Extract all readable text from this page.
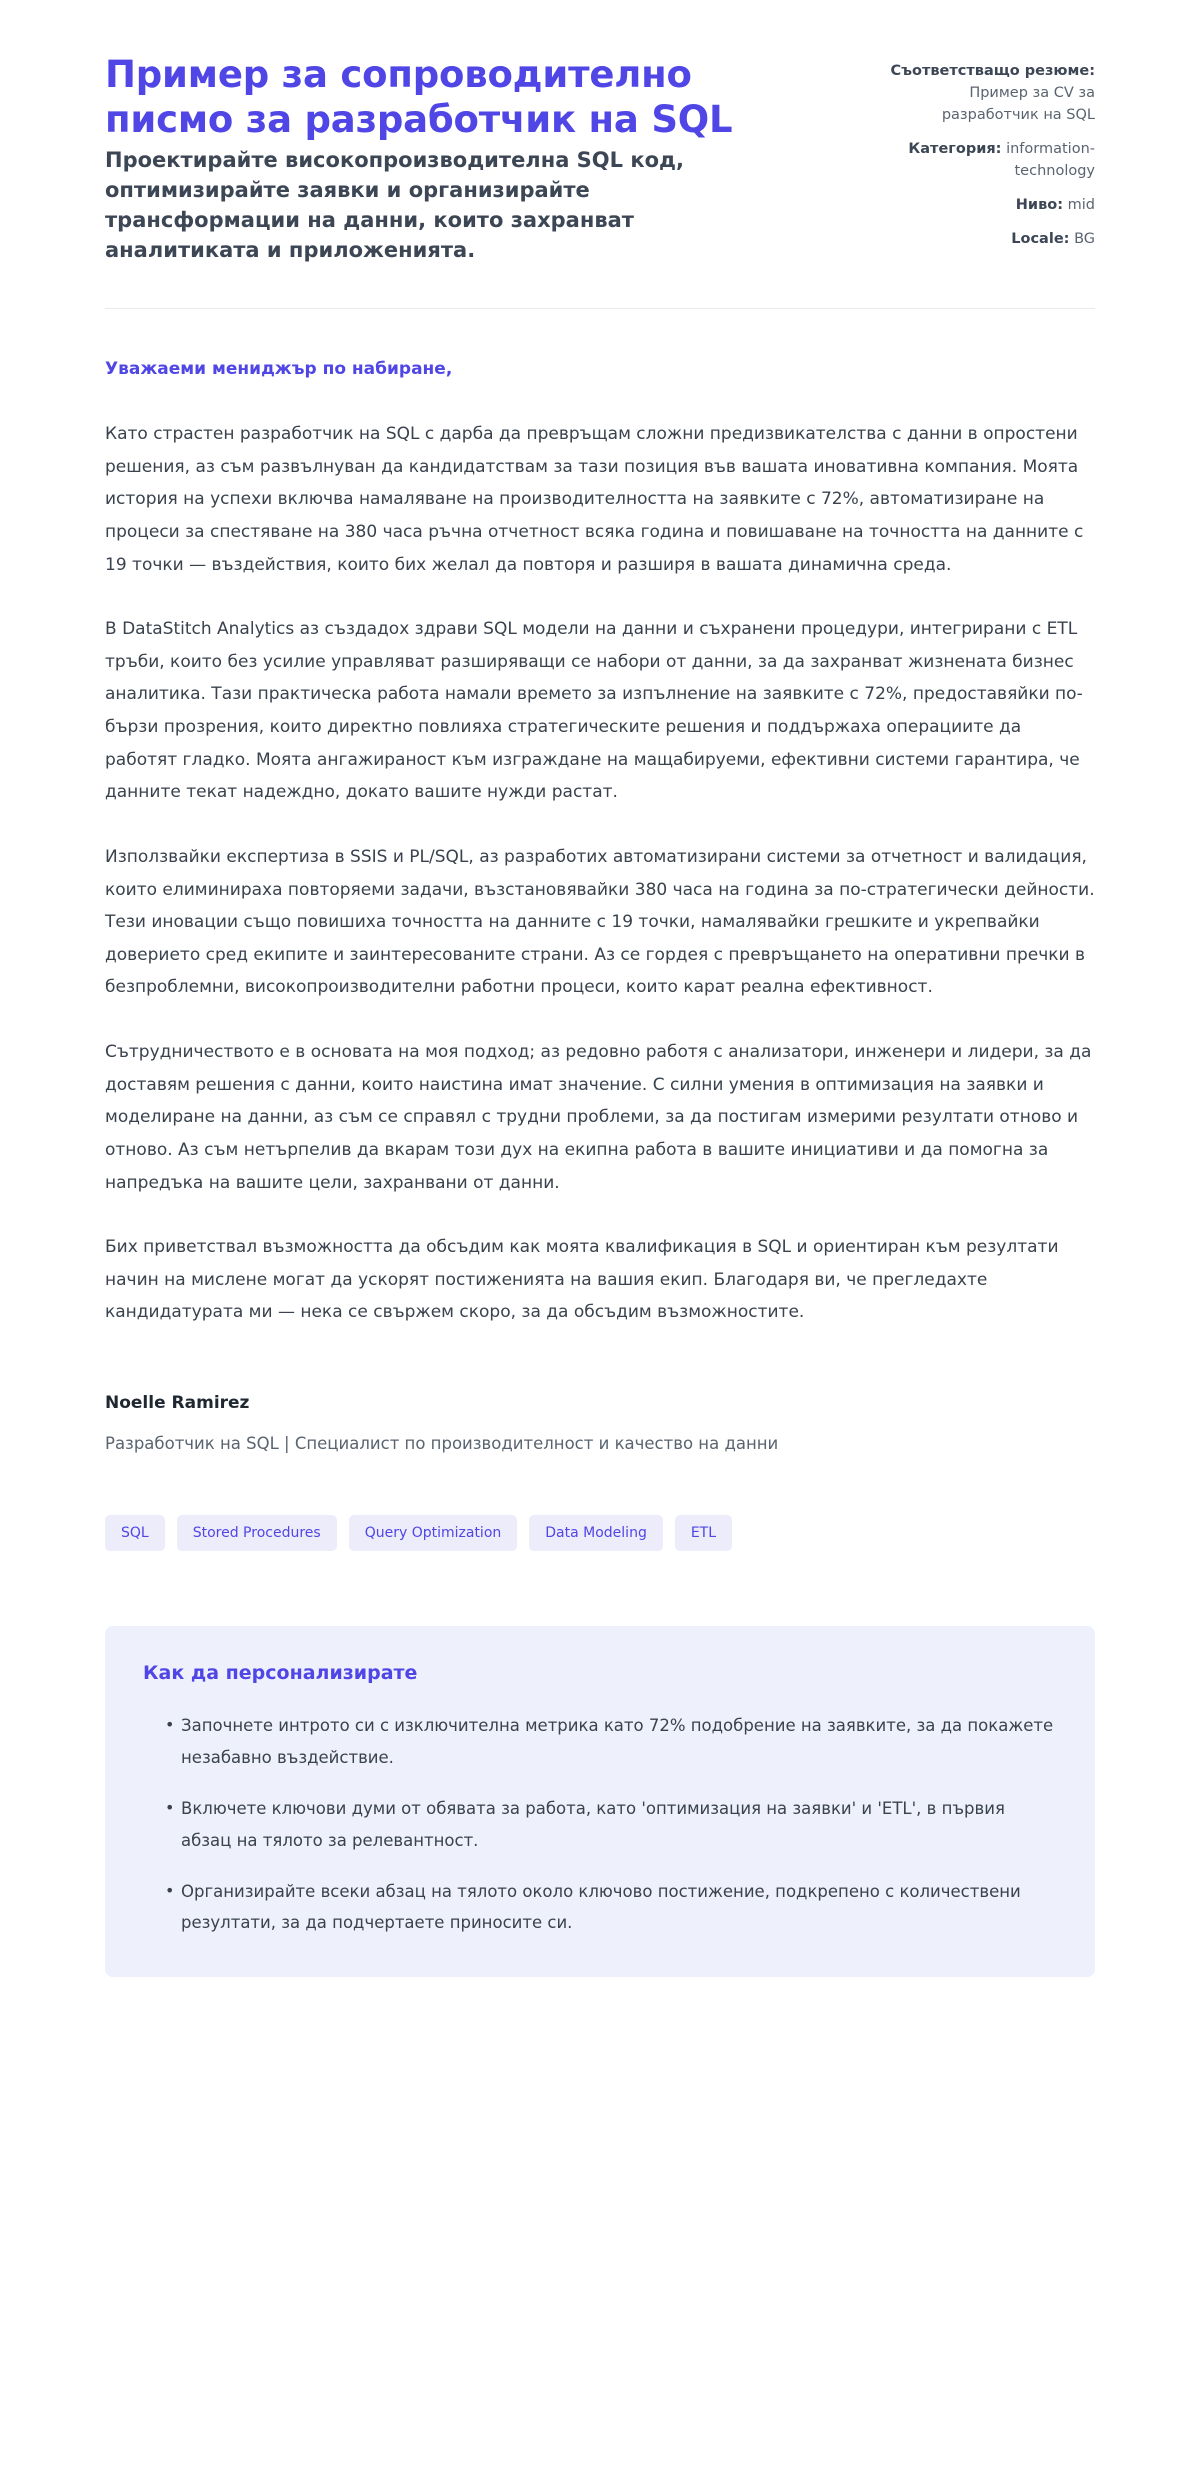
Пример за сопроводително писмо за разработчик на SQL

Проектирайте високопроизводителна SQL код, оптимизирайте заявки и организирайте трансформации на данни, които захранват аналитиката и приложенията.

Съответстващо резюме: Пример за CV за разработчик на SQL
Категория: information-technology
Ниво: mid
Locale: BG

Уважаеми мениджър по набиране,

Като страстен разработчик на SQL с дарба да превръщам сложни предизвикателства с данни в опростени решения, аз съм развълнуван да кандидатствам за тази позиция във вашата иновативна компания. Моята история на успехи включва намаляване на производителността на заявките с 72%, автоматизиране на процеси за спестяване на 380 часа ръчна отчетност всяка година и повишаване на точността на данните с 19 точки — въздействия, които бих желал да повторя и разширя в вашата динамична среда.

В DataStitch Analytics аз създадох здрави SQL модели на данни и съхранени процедури, интегрирани с ETL тръби, които без усилие управляват разширяващи се набори от данни, за да захранват жизнената бизнес аналитика. Тази практическа работа намали времето за изпълнение на заявките с 72%, предоставяйки по-бързи прозрения, които директно повлияха стратегическите решения и поддържаха операциите да работят гладко. Моята ангажираност към изграждане на мащабируеми, ефективни системи гарантира, че данните текат надеждно, докато вашите нужди растат.

Използвайки експертиза в SSIS и PL/SQL, аз разработих автоматизирани системи за отчетност и валидация, които елиминираха повторяеми задачи, възстановявайки 380 часа на година за по-стратегически дейности. Тези иновации също повишиха точността на данните с 19 точки, намалявайки грешките и укрепвайки доверието сред екипите и заинтересованите страни. Аз се гордея с превръщането на оперативни пречки в безпроблемни, високопроизводителни работни процеси, които карат реална ефективност.

Сътрудничеството е в основата на моя подход; аз редовно работя с анализатори, инженери и лидери, за да доставям решения с данни, които наистина имат значение. С силни умения в оптимизация на заявки и моделиране на данни, аз съм се справял с трудни проблеми, за да постигам измерими резултати отново и отново. Аз съм нетърпелив да вкарам този дух на екипна работа в вашите инициативи и да помогна за напредъка на вашите цели, захранвани от данни.

Бих приветствал възможността да обсъдим как моята квалификация в SQL и ориентиран към резултати начин на мислене могат да ускорят постиженията на вашия екип. Благодаря ви, че прегледахте кандидатурата ми — нека се свържем скоро, за да обсъдим възможностите.

Noelle Ramirez

Разработчик на SQL | Специалист по производителност и качество на данни

SQL	Stored Procedures	Query Optimization	Data Modeling	ETL
Как да персонализирате
• Започнете интрото си с изключителна метрика като 72% подобрение на заявките, за да покажете незабавно въздействие.
• Включете ключови думи от обявата за работа, като 'оптимизация на заявки' и 'ETL', в първия абзац на тялото за релевантност.
• Организирайте всеки абзац на тялото около ключово постижение, подкрепено с количествени резултати, за да подчертаете приносите си.
